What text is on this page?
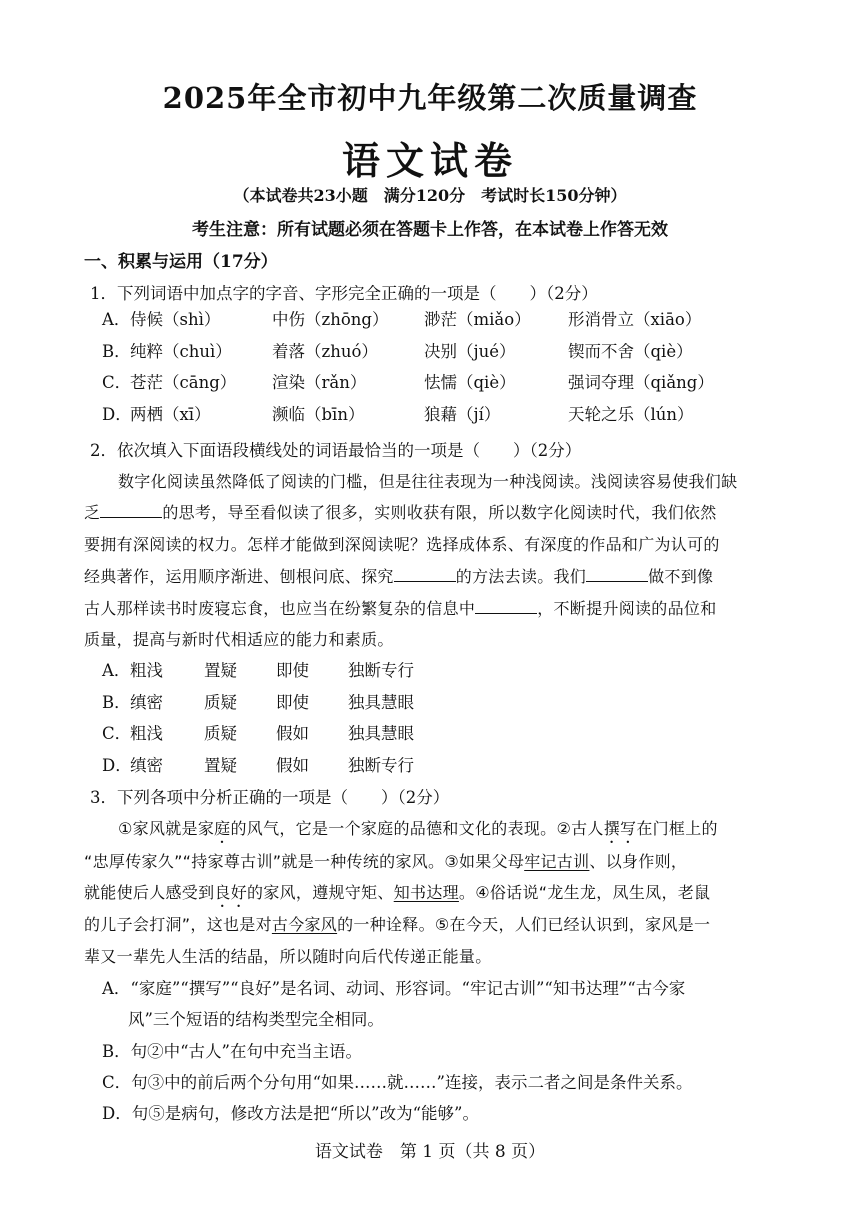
2025年全市初中九年级第二次质量调查
语文试卷
（本试卷共23小题　满分120分　考试时长150分钟）
考生注意：所有试题必须在答题卡上作答，在本试卷上作答无效
一、积累与运用（17分）
1．下列词语中加点字的字音、字形完全正确的一项是（　　）（2分）
A． 侍候（shì）	中伤（zhōng） 渺茫（miǎo） 形消骨立（xiāo）
B． 纯粹（chuì） 着落（zhuó）	决别（jué）	锲而不舍（qiè）
C．
苍茫（cāng） 渲染（rǎn）	怯懦（qiè）	强词夺理（qiǎng）
D．
两栖（xī）	濒临（bīn）	狼藉（jí）	天轮之乐（lún）
2．依次填入下面语段横线处的词语最恰当的一项是（　　）（2分）
数字化阅读虽然降低了阅读的门槛，但是往往表现为一种浅阅读。浅阅读容易使我们缺
乏	的思考，导至看似读了很多，实则收获有限，所以数字化阅读时代，我们依然
要拥有深阅读的权力。怎样才能做到深阅读呢？选择成体系、有深度的作品和广为认可的
经典著作，运用顺序渐进、刨根问底、探究	的方法去读。我们	做不到像
古人那样读书时废寝忘食，也应当在纷繁复杂的信息中	，不断提升阅读的品位和
质量，提高与新时代相适应的能力和素质。
A． 粗浅 置疑 即使 独断专行
B． 缜密 质疑 即使 独具慧眼
C．
粗浅 质疑 假如 独具慧眼
D．
缜密 置疑 假如 独断专行
3．下列各项中分析正确的一项是（　　）（2分）
①家风就是家庭的风气，它是一个家庭的品德和文化的表现。②古人撰写在门框上的
“忠厚传家久”“持家尊古训”就是一种传统的家风。③如果父母牢记古训、以身作则，
就能使后人感受到良好的家风，遵规守矩、知书达理。④俗话说“龙生龙，凤生凤，老鼠
的儿子会打洞”，这也是对古今家风的一种诠释。⑤在今天，人们已经认识到，家风是一
辈又一辈先人生活的结晶，所以随时向后代传递正能量。
A．“家庭”“撰写”“良好”是名词、动词、形容词。“牢记古训”“知书达理”“古今家
风”三个短语的结构类型完全相同。
B．句②中“古人”在句中充当主语。
C．句③中的前后两个分句用“如果……就……”连接，表示二者之间是条件关系。
D．句⑤是病句，修改方法是把“所以”改为“能够”。
语文试卷　第 1 页（共 8 页）
